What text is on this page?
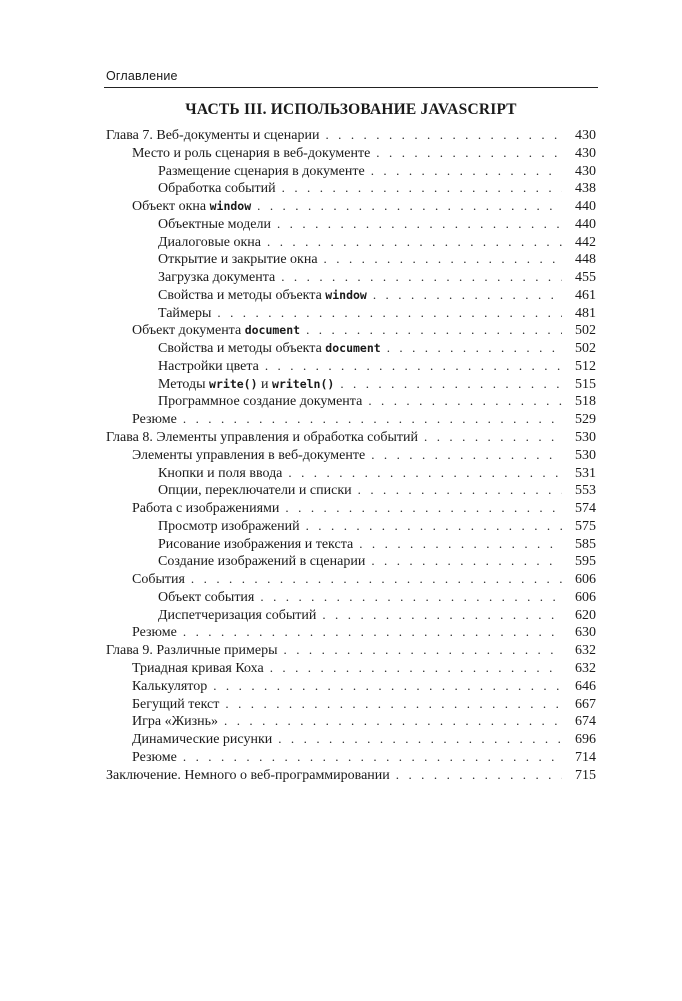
Оглавление
ЧАСТЬ III. ИСПОЛЬЗОВАНИЕ JAVASCRIPT
Глава 7. Веб-документы и сценарии . . .	430
Место и роль сценария в веб-документе . . .	430
Размещение сценария в документе . . .	430
Обработка событий . . .	438
Объект окна window . . .	440
Объектные модели . . .	440
Диалоговые окна . . .	442
Открытие и закрытие окна . . .	448
Загрузка документа . . .	455
Свойства и методы объекта window . . .	461
Таймеры . . .	481
Объект документа document . . .	502
Свойства и методы объекта document . . .	502
Настройки цвета . . .	512
Методы write() и writeln() . . .	515
Программное создание документа . . .	518
Резюме . . .	529
Глава 8. Элементы управления и обработка событий . . .	530
Элементы управления в веб-документе . . .	530
Кнопки и поля ввода . . .	531
Опции, переключатели и списки . . .	553
Работа с изображениями . . .	574
Просмотр изображений . . .	575
Рисование изображения и текста . . .	585
Создание изображений в сценарии . . .	595
События . . .	606
Объект события . . .	606
Диспетчеризация событий . . .	620
Резюме . . .	630
Глава 9. Различные примеры . . .	632
Триадная кривая Коха . . .	632
Калькулятор . . .	646
Бегущий текст . . .	667
Игра «Жизнь» . . .	674
Динамические рисунки . . .	696
Резюме . . .	714
Заключение. Немного о веб-программировании . . .	715
